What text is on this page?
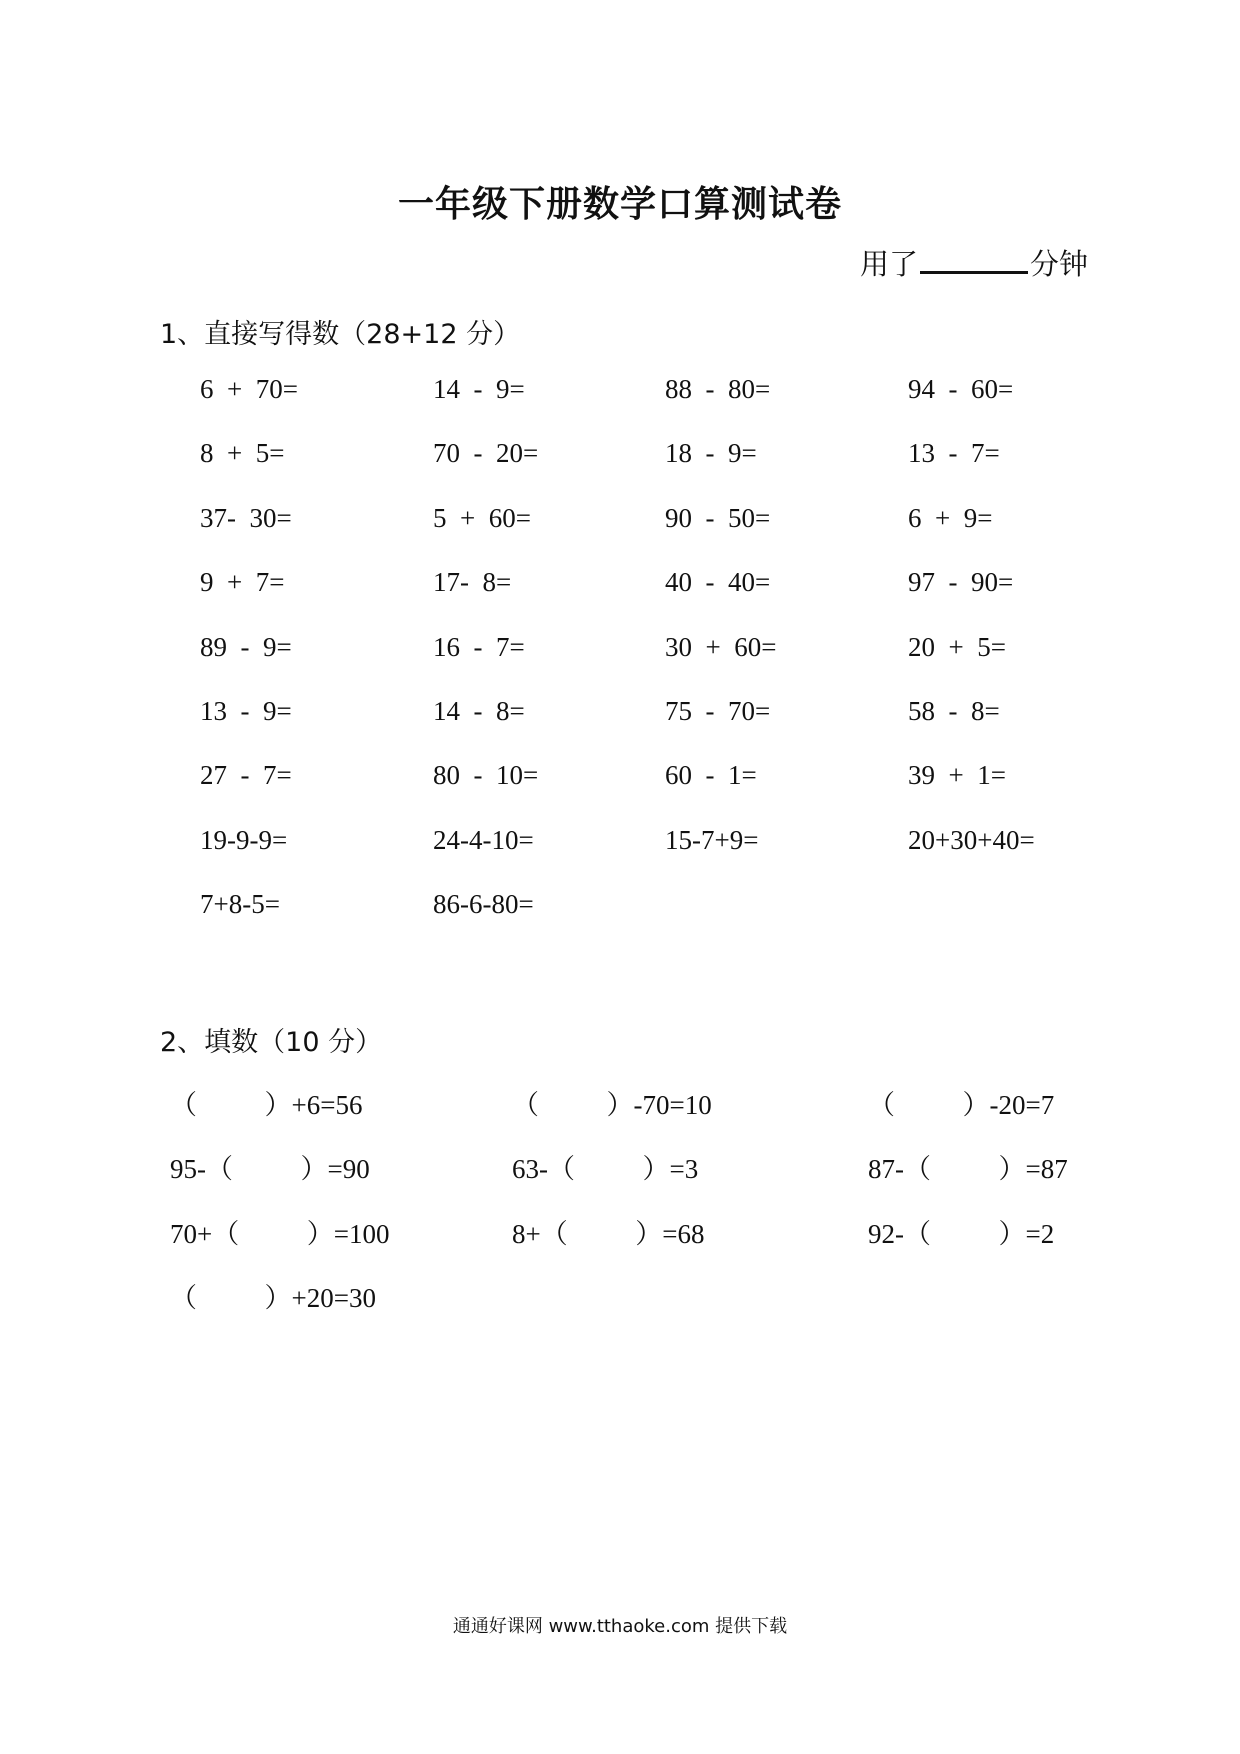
一年级下册数学口算测试卷
用了	分钟
1、直接写得数（28+12 分）
6  +  70=	14  -  9=	88  -  80=	94  -  60=
8  +  5=	70  -  20=	18  -  9=	13  -  7=
37-  30=	5  +  60=	90  -  50=	6  +  9=
9  +  7=	17-  8=	40  -  40=	97  -  90=
89  -  9=	16  -  7=	30  +  60=	20  +  5=
13  -  9=	14  -  8=	75  -  70=	58  -  8=
27  -  7=	80  -  10=	60  -  1=	39  +  1=
19-9-9=	24-4-10=	15-7+9=	20+30+40=
7+8-5=	86-6-80=
2、填数（10 分）
（          ）+6=56	（          ）-70=10	（          ）-20=7
95-（          ）=90	63-（          ）=3	87-（          ）=87
70+（          ）=100	8+（          ）=68	92-（          ）=2
（          ）+20=30
通通好课网 www.tthaoke.com 提供下载
